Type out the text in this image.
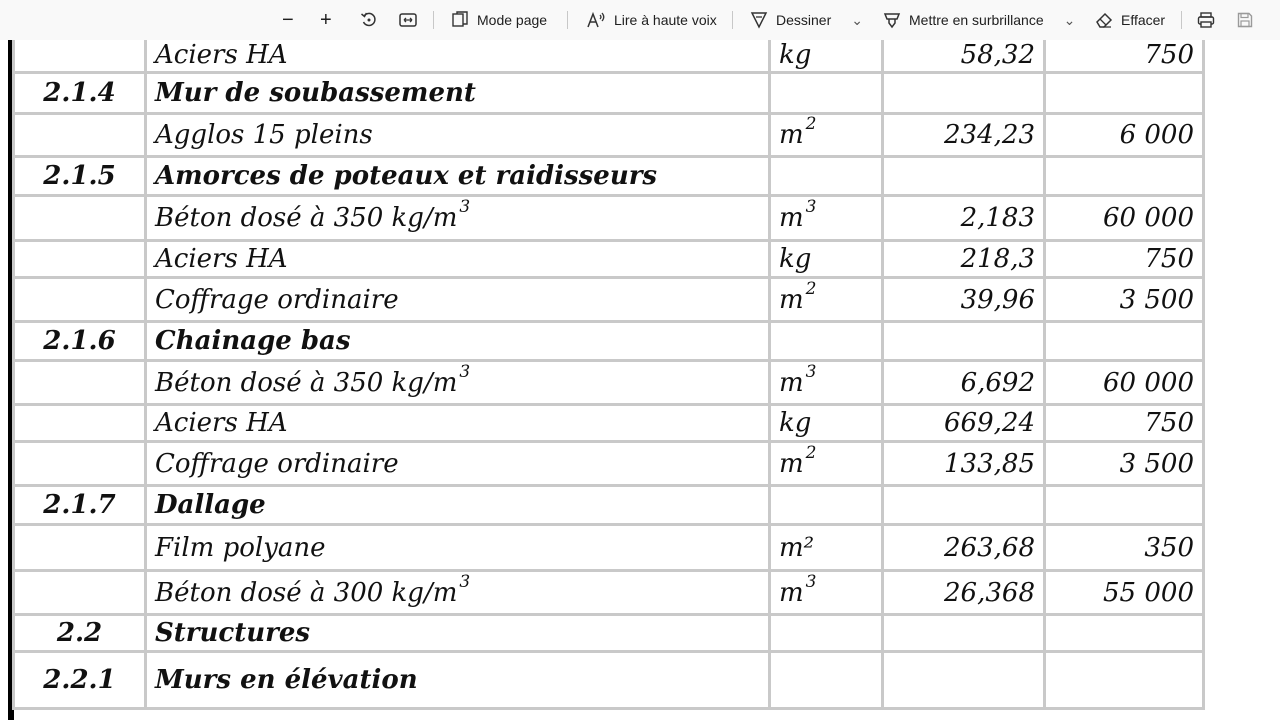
− +	Mode page	Lire à haute voix	Dessiner ⌄	Mettre en surbrillance ⌄	Effacer
	Aciers HA	kg	58,32	750
2.1.4	Mur de soubassement			
	Agglos 15 pleins	m $^2$	234,23	6 000
2.1.5	Amorces de poteaux et raidisseurs			
	Béton dosé à 350 kg/m $^3$	m $^3$	2,183	60 000
	Aciers HA	kg	218,3	750
	Coffrage ordinaire	m $^2$	39,96	3 500
2.1.6	Chainage bas			
	Béton dosé à 350 kg/m $^3$	m $^3$	6,692	60 000
	Aciers HA	kg	669,24	750
	Coffrage ordinaire	m $^2$	133,85	3 500
2.1.7	Dallage			
	Film polyane	m²	263,68	350
	Béton dosé à 300 kg/m $^3$	m $^3$	26,368	55 000
2.2	Structures			
2.2.1	Murs en élévation			
